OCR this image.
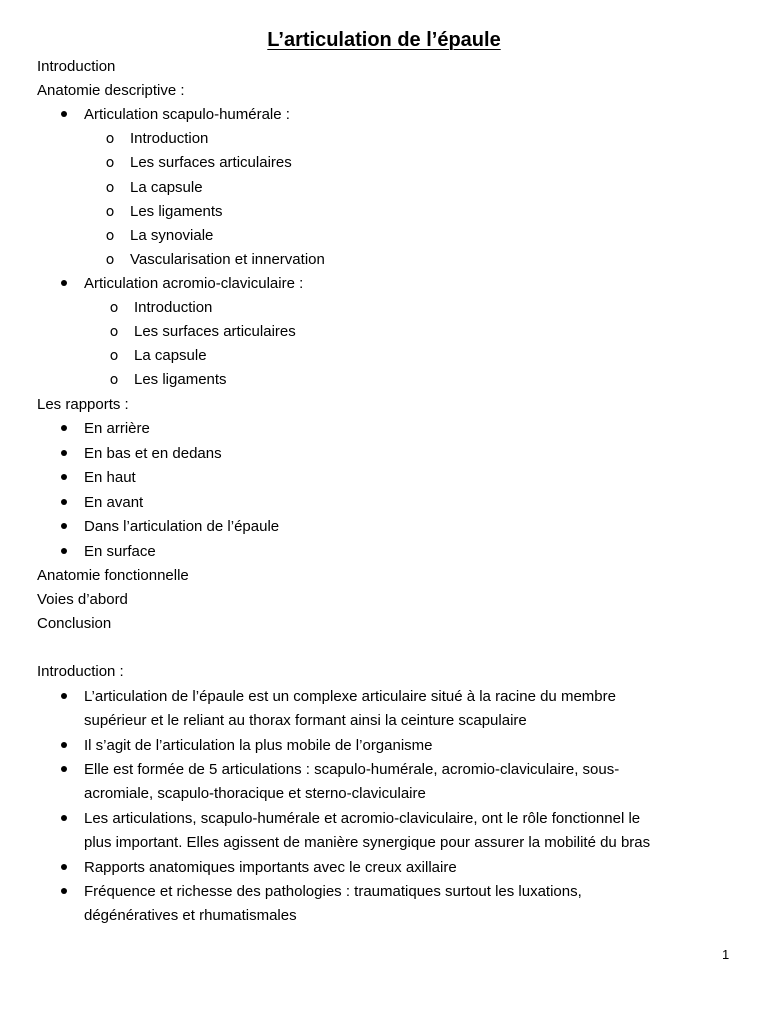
L’articulation de l’épaule
Introduction
Anatomie descriptive :
Articulation scapulo-humérale :
o Introduction
o Les surfaces articulaires
o La capsule
o Les ligaments
o La synoviale
o Vascularisation et innervation
Articulation acromio-claviculaire :
o Introduction
o Les surfaces articulaires
o La capsule
o Les ligaments
Les rapports :
En arrière
En bas et en dedans
En haut
En avant
Dans l’articulation de l’épaule
En surface
Anatomie fonctionnelle
Voies d’abord
Conclusion
Introduction :
L’articulation de l’épaule est un complexe articulaire situé à la racine du membre
supérieur et le reliant au thorax formant ainsi la ceinture scapulaire
Il s’agit de l’articulation la plus mobile de l’organisme
Elle est formée de 5 articulations : scapulo-humérale, acromio-claviculaire, sous-
acromiale, scapulo-thoracique et sterno-claviculaire
Les articulations, scapulo-humérale et acromio-claviculaire, ont le rôle fonctionnel le
plus important. Elles agissent de manière synergique pour assurer la mobilité du bras
Rapports anatomiques importants avec le creux axillaire
Fréquence et richesse des pathologies : traumatiques surtout les luxations,
dégénératives et rhumatismales
1
